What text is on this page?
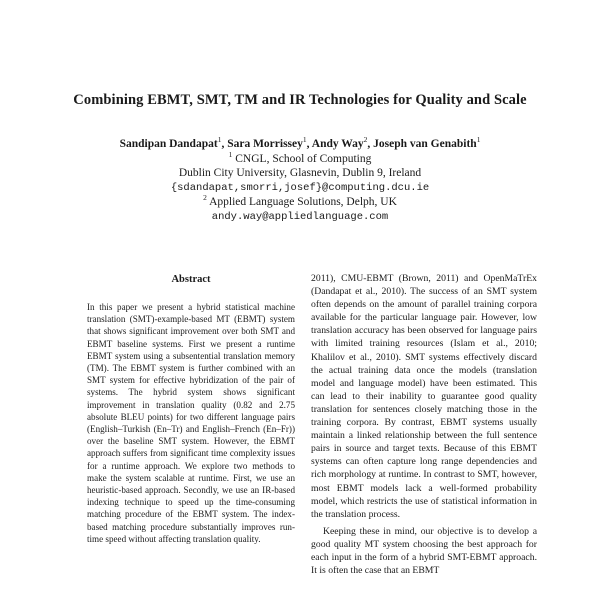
Combining EBMT, SMT, TM and IR Technologies for Quality and Scale
Sandipan Dandapat$^1$, Sara Morrissey$^1$, Andy Way$^2$, Joseph van Genabith$^1$
$^1$ CNGL, School of Computing
Dublin City University, Glasnevin, Dublin 9, Ireland
{sdandapat,smorri,josef}@computing.dcu.ie
$^2$ Applied Language Solutions, Delph, UK
andy.way@appliedlanguage.com
Abstract
In this paper we present a hybrid statistical machine translation (SMT)-example-based MT (EBMT) system that shows significant improvement over both SMT and EBMT baseline systems. First we present a runtime EBMT system using a subsentential translation memory (TM). The EBMT system is further combined with an SMT system for effective hybridization of the pair of systems. The hybrid system shows significant improvement in translation quality (0.82 and 2.75 absolute BLEU points) for two different language pairs (English–Turkish (En–Tr) and English–French (En–Fr)) over the baseline SMT system. However, the EBMT approach suffers from significant time complexity issues for a runtime approach. We explore two methods to make the system scalable at runtime. First, we use an heuristic-based approach. Secondly, we use an IR-based indexing technique to speed up the time-consuming matching procedure of the EBMT system. The index-based matching procedure substantially improves run-time speed without affecting translation quality.

2011), CMU-EBMT (Brown, 2011) and OpenMaTrEx (Dandapat et al., 2010). The success of an SMT system often depends on the amount of parallel training corpora available for the particular language pair. However, low translation accuracy has been observed for language pairs with limited training resources (Islam et al., 2010; Khalilov et al., 2010). SMT systems effectively discard the actual training data once the models (translation model and language model) have been estimated. This can lead to their inability to guarantee good quality translation for sentences closely matching those in the training corpora. By contrast, EBMT systems usually maintain a linked relationship between the full sentence pairs in source and target texts. Because of this EBMT systems can often capture long range dependencies and rich morphology at runtime. In contrast to SMT, however, most EBMT models lack a well-formed probability model, which restricts the use of statistical information in the translation process.

Keeping these in mind, our objective is to develop a good quality MT system choosing the best approach for each input in the form of a hybrid SMT-EBMT approach. It is often the case that an EBMT
